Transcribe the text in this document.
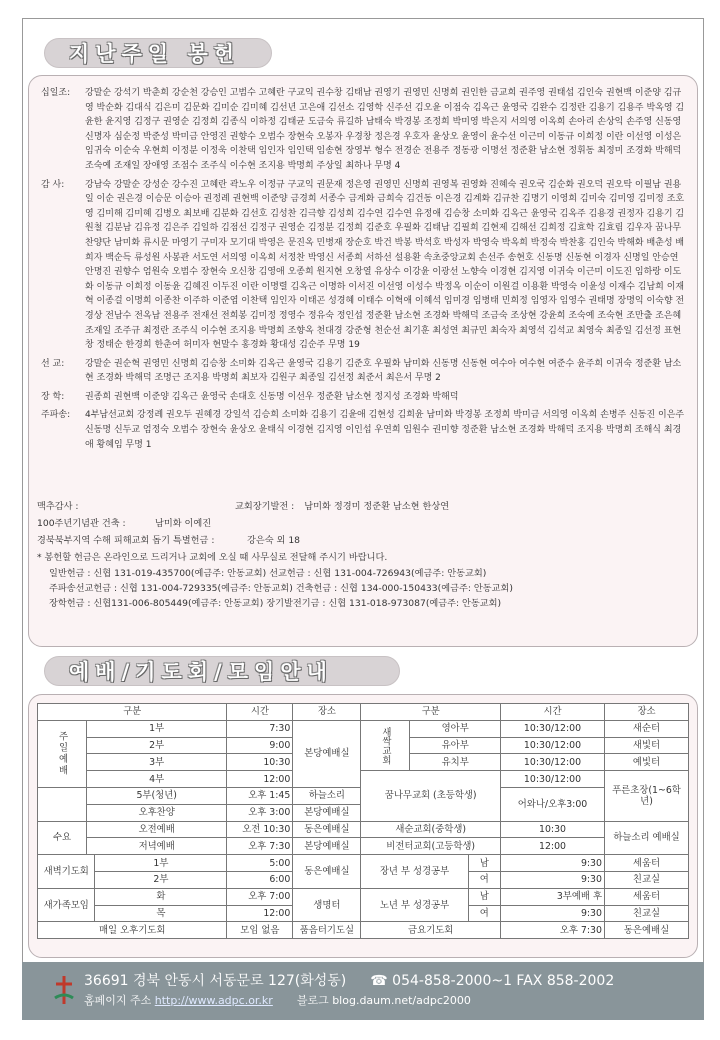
지난주일 봉헌
십일조:	강말순 강석기 박춘희 강순천 강승인 고범수 고혜란 구교익 권수창 김태남 권영기 권영민 신명희 권인한 금교희 권주영 권태섭 김인숙 권현백 이준양 김규영 박순화 김대식 김은미 김문화 김미순 김미혜 김선년 고은애 김선소 김영학 신주선 김오윤 이점숙 김옥근 윤영국 김완수 김정란 김용기 김용주 박옥영 김윤한 윤지영 김정구 권영순 김정희 김종식 이하정 김태균 도금숙 류길하 남태숙 박경봉 조정희 박미영 박은지 서의영 이옥희 손아리 손상익 손주영 신동영 신명자 심순정 박준성 박미금 안영진 권향수 오범수 장현숙 오봉자 우경창 정은경 우호자 윤상오 윤영이 윤수선 이근미 이동규 이희정 이란 이선영 이성은 임귀숙 이순숙 우현희 이정분 이정욱 이찬택 임인자 임인택 임송현 장영부 형수 전경순 전용주 정동광 이명선 정준환 남소현 정휘동 최정미 조경화 박해덕 조숙예 조재일 장애영 조점수 조주식 이수현 조지용 박명희 주상일 최하나 무명 4
감 사:	강남숙 강말순 강성순 강수진 고혜란 곽노우 이정규 구교익 권문재 정은영 권영민 신명희 권영복 권영화 진혜숙 권오국 김순화 권오덕 권오탁 이필남 권용일 이순 권은경 이승문 이승아 권정례 권현백 이준양 금경희 서종수 금계화 금희숙 김건동 이은경 김계화 김규찬 김명기 이영희 김미숙 김미영 김미정 조호영 김미해 김미혜 김병오 최보배 김분화 김선호 김성찬 김극향 김성희 김수연 김수연 유정애 김승창 소미화 김옥근 윤영국 김옥주 김용경 권정자 김용기 김원철 김분남 김유정 김은주 김일하 김점선 김정구 권영순 김정분 김정희 김준호 우필화 김태남 김필희 김현제 김해선 김희정 김효학 김효림 김우자 꿈나무찬양단 남미화 류시문 마영기 구미자 모기대 박영은 문진옥 민병재 장순호 박건 박봉 박석호 박성자 박영숙 박옥희 박정숙 박찬홍 김인숙 박해화 배춘성 배희자 백순득 류성원 사봉관 서도연 서의영 이옥희 서정찬 박영신 서종희 서하선 설용환 속초중앙교회 손선주 송현호 신동명 신동현 이경자 신명일 안승연 안명진 권향수 엄원숙 오범수 장현숙 오신창 김영애 오종희 원지현 오창열 유상수 이강윤 이광선 노향숙 이경현 김지영 이귀숙 이근미 이도진 임하랑 이도화 이동규 이희정 이동윤 김혜진 이두진 이란 이명렬 김옥근 이명하 이서진 이선영 이성수 박정옥 이순이 이원걸 이용환 박영숙 이윤성 이재수 김남희 이재혁 이종걸 이명희 이종찬 이주하 이준엽 이찬택 임인자 이태곤 성경혜 이태수 이혁애 이혜석 임미경 임병태 민희정 임영자 임영수 권태명 장명익 이숙향 전경상 전남수 전옥남 전용주 전재선 전희봉 김미정 정영수 정유숙 정인섭 정준환 남소현 조경화 박해덕 조금숙 조상현 강윤희 조숙예 조숙현 조만출 조은혜 조재일 조주규 최정란 조주식 이수현 조지용 박명희 조향옥 천대경 강준형 천순선 최기훈 최성연 최규민 최숙자 최영석 김석교 최영숙 최종일 김선정 표현창 정태순 한경희 한춘여 허미자 현말수 홍경화 황대성 김순주 무명 19
선 교:	강말순 권순혁 권영민 신명희 김승창 소미화 김옥근 윤영국 김용기 김준호 우필화 남미화 신동명 신동현 여수아 여수현 여준수 윤주희 이귀숙 정준환 남소현 조경화 박해덕 조명근 조지용 박명희 최보자 김원구 최종일 김선정 최준서 최은서 무명 2
장 학:	권종희 권현백 이준양 김옥근 윤영국 손대호 신동명 이선우 정준환 남소현 정지성 조경화 박해덕
주파송:	4부남선교회 강정례 권오두 권혜경 강일석 김승희 소미화 김용기 김윤애 김현성 김희윤 남미화 박경봉 조정희 박미금 서의영 이옥희 손병주 신동진 이은주 신동명 신두교 엄정숙 오범수 장현숙 윤상오 윤태식 이경현 김지영 이인섭 우연희 임원수 권미향 정준환 남소현 조경화 박해덕 조지용 박명희 조해식 최경애 황혜임 무명 1
맥추감사 :	교회장기발전 : 남미화 정경미 정준환 남소현 한상연
100주년기념관 건축 :	남미화 이예진
경북북부지역 수해 피해교회 돕기 특별헌금 :	강은숙 외 18
* 봉헌할 헌금은 온라인으로 드리거나 교회에 오실 때 사무실로 전달해 주시기 바랍니다.
일반헌금 : 신협 131-019-435700(예금주: 안동교회) 선교헌금 : 신협 131-004-726943(예금주: 안동교회)
주파송선교헌금 : 신협 131-004-729335(예금주: 안동교회) 건축헌금 : 신협 134-000-150433(예금주: 안동교회)
장학헌금 : 신협131-006-805449(예금주: 안동교회) 장기발전기금 : 신협 131-018-973087(예금주: 안동교회)
예배/기도회/모임안내
구분			시간	장소	구분			시간	장소
주일예배	1부		7:30	본당예배실	새싹교회	영아부		10:30/12:00	새순터
	2부		9:00			유아부		10:30/12:00	새빛터
	3부		10:30			유치부		10:30/12:00	예빛터
	4부		12:00		꿈나무교회 (초등학생)			10:30/12:00	푸른초장(1~6학년)
	5부(청년)		오후 1:45	하늘소리				어와나/오후3:00	
	오후찬양		오후 3:00	본당예배실					
수요	오전예배		오전 10:30	동은예배실	새순교회(중학생)			10:30	하늘소리 예배실
	저녁예배		오후 7:30	본당예배실	비전터교회(고등학생)			12:00	
새벽기도회		1부	5:00	동은예배실	장년 부 성경공부		남	9:30	세움터
		2부	6:00				여	9:30	친교실
새가족모임		화	오후 7:00	생명터	노년 부 성경공부		남	3부예배 후	세움터
		목	12:00				여	9:30	친교실
매일 오후기도회			모임 없음	품음터기도실	금요기도회			오후 7:30	동은예배실
36691 경북 안동시 서동문로 127(화성동) ☎ 054-858-2000~1 FAX 858-2002
홈페이지 주소 http://www.adpc.or.kr 블로그 blog.daum.net/adpc2000
